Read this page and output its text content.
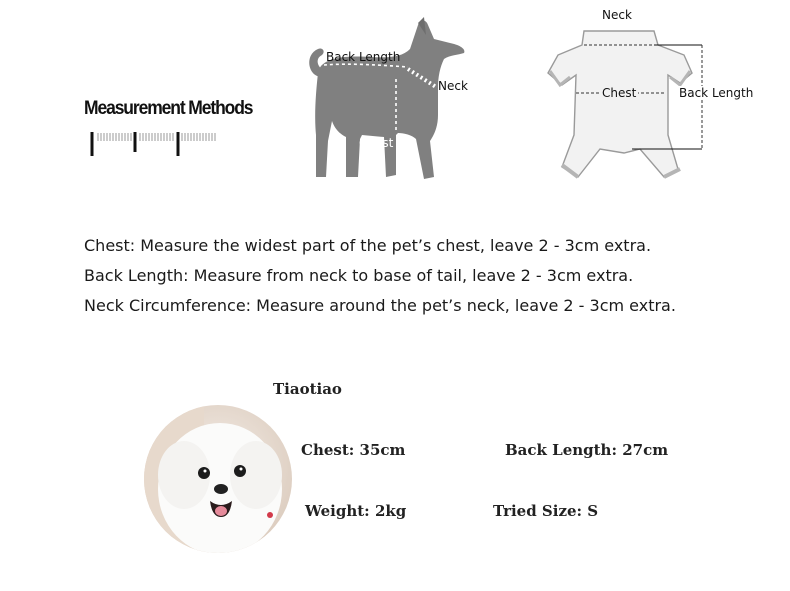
Measurement Methods
Back Length
Neck
Chest
Neck
Chest	Back Length
Chest: Measure the widest part of the pet’s chest, leave 2 - 3cm extra.
Back Length: Measure from neck to base of tail, leave 2 - 3cm extra.
Neck Circumference: Measure around the pet’s neck, leave 2 - 3cm extra.
Tiaotiao
Chest: 35cm	Back Length: 27cm
Weight: 2kg	Tried Size: S
